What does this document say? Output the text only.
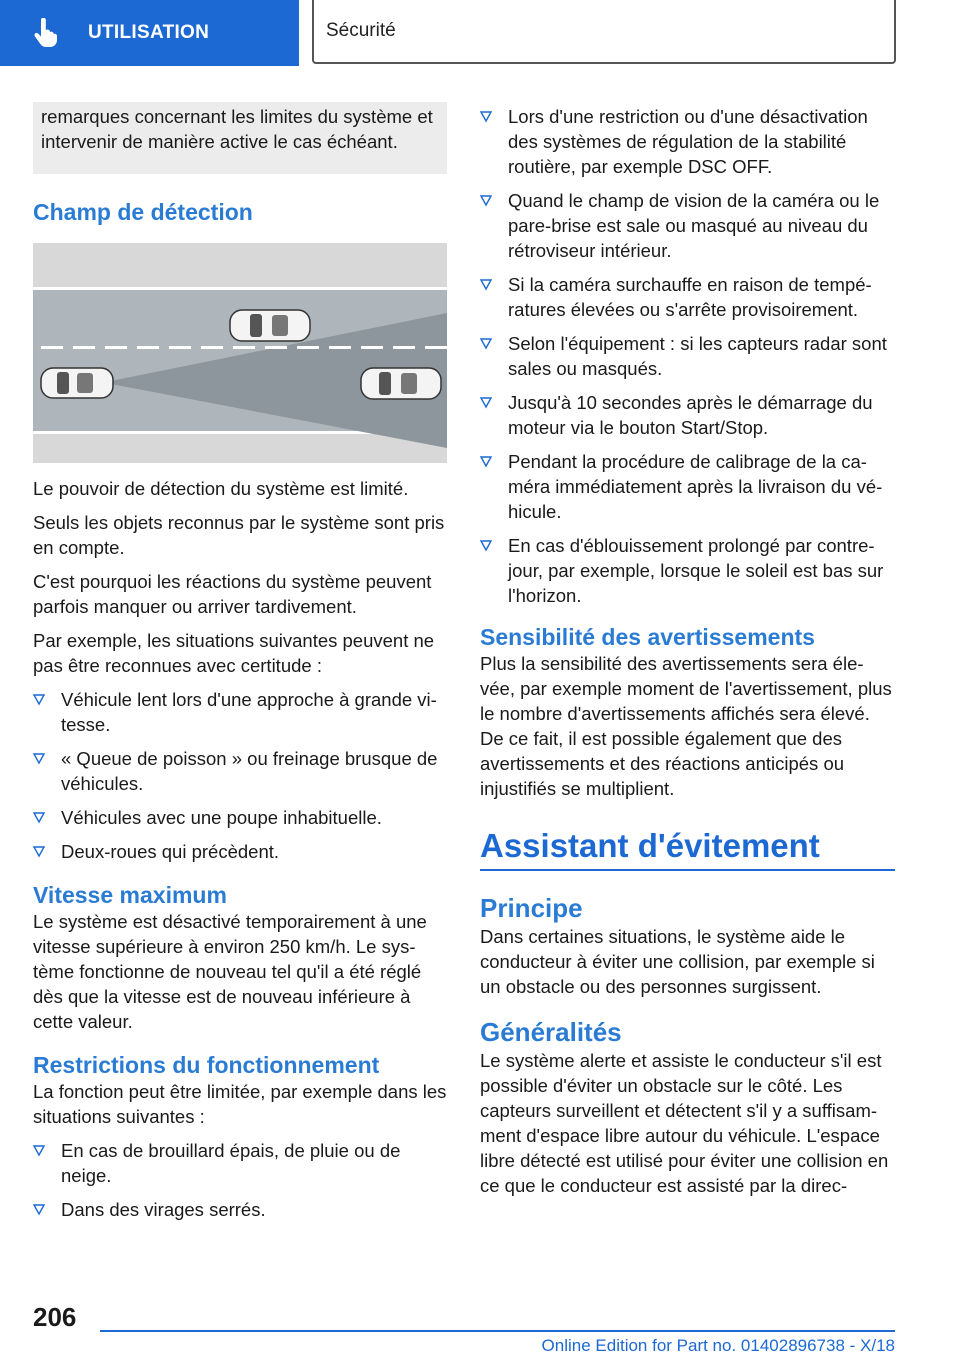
UTILISATION	Sécurité

remarques concernant les limites du système et intervenir de manière active le cas échéant.

Champ de détection

Le pouvoir de détection du système est limité.

Seuls les objets reconnus par le système sont pris en compte.

C'est pourquoi les réactions du système peuvent parfois manquer ou arriver tardivement.

Par exemple, les situations suivantes peuvent ne pas être reconnues avec certitude :

Véhicule lent lors d'une approche à grande vi-tesse.
« Queue de poisson » ou freinage brusque de véhicules.
Véhicules avec une poupe inhabituelle.
Deux-roues qui précèdent.
Vitesse maximum

Le système est désactivé temporairement à une vitesse supérieure à environ 250 km/h. Le sys-tème fonctionne de nouveau tel qu'il a été réglé dès que la vitesse est de nouveau inférieure à cette valeur.

Restrictions du fonctionnement

La fonction peut être limitée, par exemple dans les situations suivantes :

En cas de brouillard épais, de pluie ou de neige.
Dans des virages serrés.
Lors d'une restriction ou d'une désactivation des systèmes de régulation de la stabilité routière, par exemple DSC OFF.
Quand le champ de vision de la caméra ou le pare-brise est sale ou masqué au niveau du rétroviseur intérieur.
Si la caméra surchauffe en raison de tempé-ratures élevées ou s'arrête provisoirement.
Selon l'équipement : si les capteurs radar sont sales ou masqués.
Jusqu'à 10 secondes après le démarrage du moteur via le bouton Start/Stop.
Pendant la procédure de calibrage de la ca-méra immédiatement après la livraison du vé-hicule.
En cas d'éblouissement prolongé par contre-jour, par exemple, lorsque le soleil est bas sur l'horizon.
Sensibilité des avertissements

Plus la sensibilité des avertissements sera éle-vée, par exemple moment de l'avertissement, plus le nombre d'avertissements affichés sera élevé. De ce fait, il est possible également que des avertissements et des réactions anticipés ou injustifiés se multiplient.

Assistant d'évitement
Principe

Dans certaines situations, le système aide le conducteur à éviter une collision, par exemple si un obstacle ou des personnes surgissent.

Généralités

Le système alerte et assiste le conducteur s'il est possible d'éviter un obstacle sur le côté. Les capteurs surveillent et détectent s'il y a suffisam-ment d'espace libre autour du véhicule. L'espace libre détecté est utilisé pour éviter une collision en ce que le conducteur est assisté par la direc-

206
Online Edition for Part no. 01402896738 - X/18
